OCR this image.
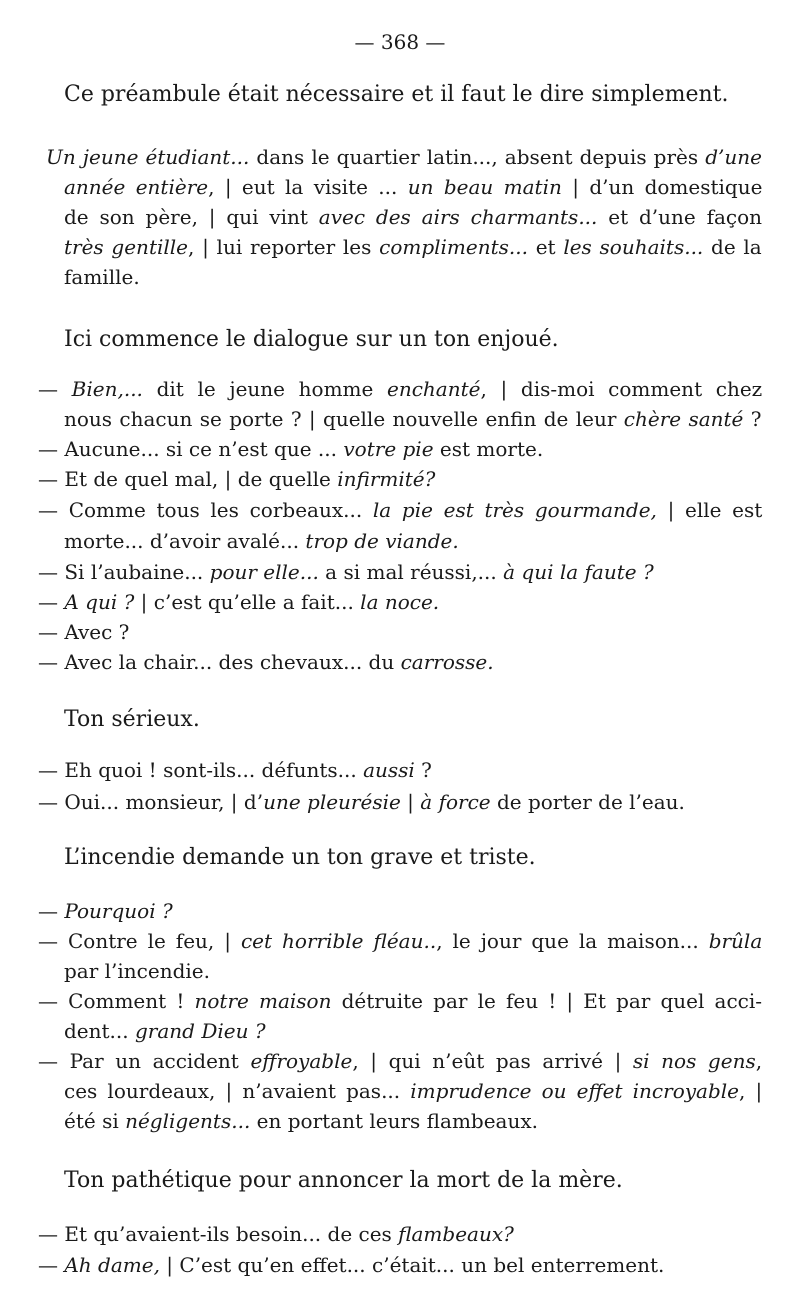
— 368 —
Ce préambule était nécessaire et il faut le dire simplement.
Un jeune étudiant... dans le quartier latin..., absent depuis près d’une
année entière, | eut la visite ... un beau matin | d’un domestique
de son père, | qui vint avec des airs charmants... et d’une façon
très gentille, | lui reporter les compliments... et les souhaits... de la
famille.
Ici commence le dialogue sur un ton enjoué.
— Bien,... dit le jeune homme enchanté, | dis-moi comment chez
nous chacun se porte ? | quelle nouvelle enfin de leur chère santé ?
— Aucune... si ce n’est que ... votre pie est morte.
— Et de quel mal, | de quelle infirmité?
— Comme tous les corbeaux... la pie est très gourmande, | elle est
morte... d’avoir avalé... trop de viande.
— Si l’aubaine... pour elle... a si mal réussi,... à qui la faute ?
— A qui ? | c’est qu’elle a fait... la noce.
— Avec ?
— Avec la chair... des chevaux... du carrosse.
Ton sérieux.
— Eh quoi ! sont-ils... défunts... aussi ?
— Oui... monsieur, | d’une pleurésie | à force de porter de l’eau.
L’incendie demande un ton grave et triste.
— Pourquoi ?
— Contre le feu, | cet horrible fléau.., le jour que la maison... brûla
par l’incendie.
— Comment ! notre maison détruite par le feu ! | Et par quel acci-
dent... grand Dieu ?
— Par un accident effroyable, | qui n’eût pas arrivé | si nos gens,
ces lourdeaux, | n’avaient pas... imprudence ou effet incroyable, |
été si négligents... en portant leurs flambeaux.
Ton pathétique pour annoncer la mort de la mère.
— Et qu’avaient-ils besoin... de ces flambeaux?
— Ah dame, | C’est qu’en effet... c’était... un bel enterrement.
